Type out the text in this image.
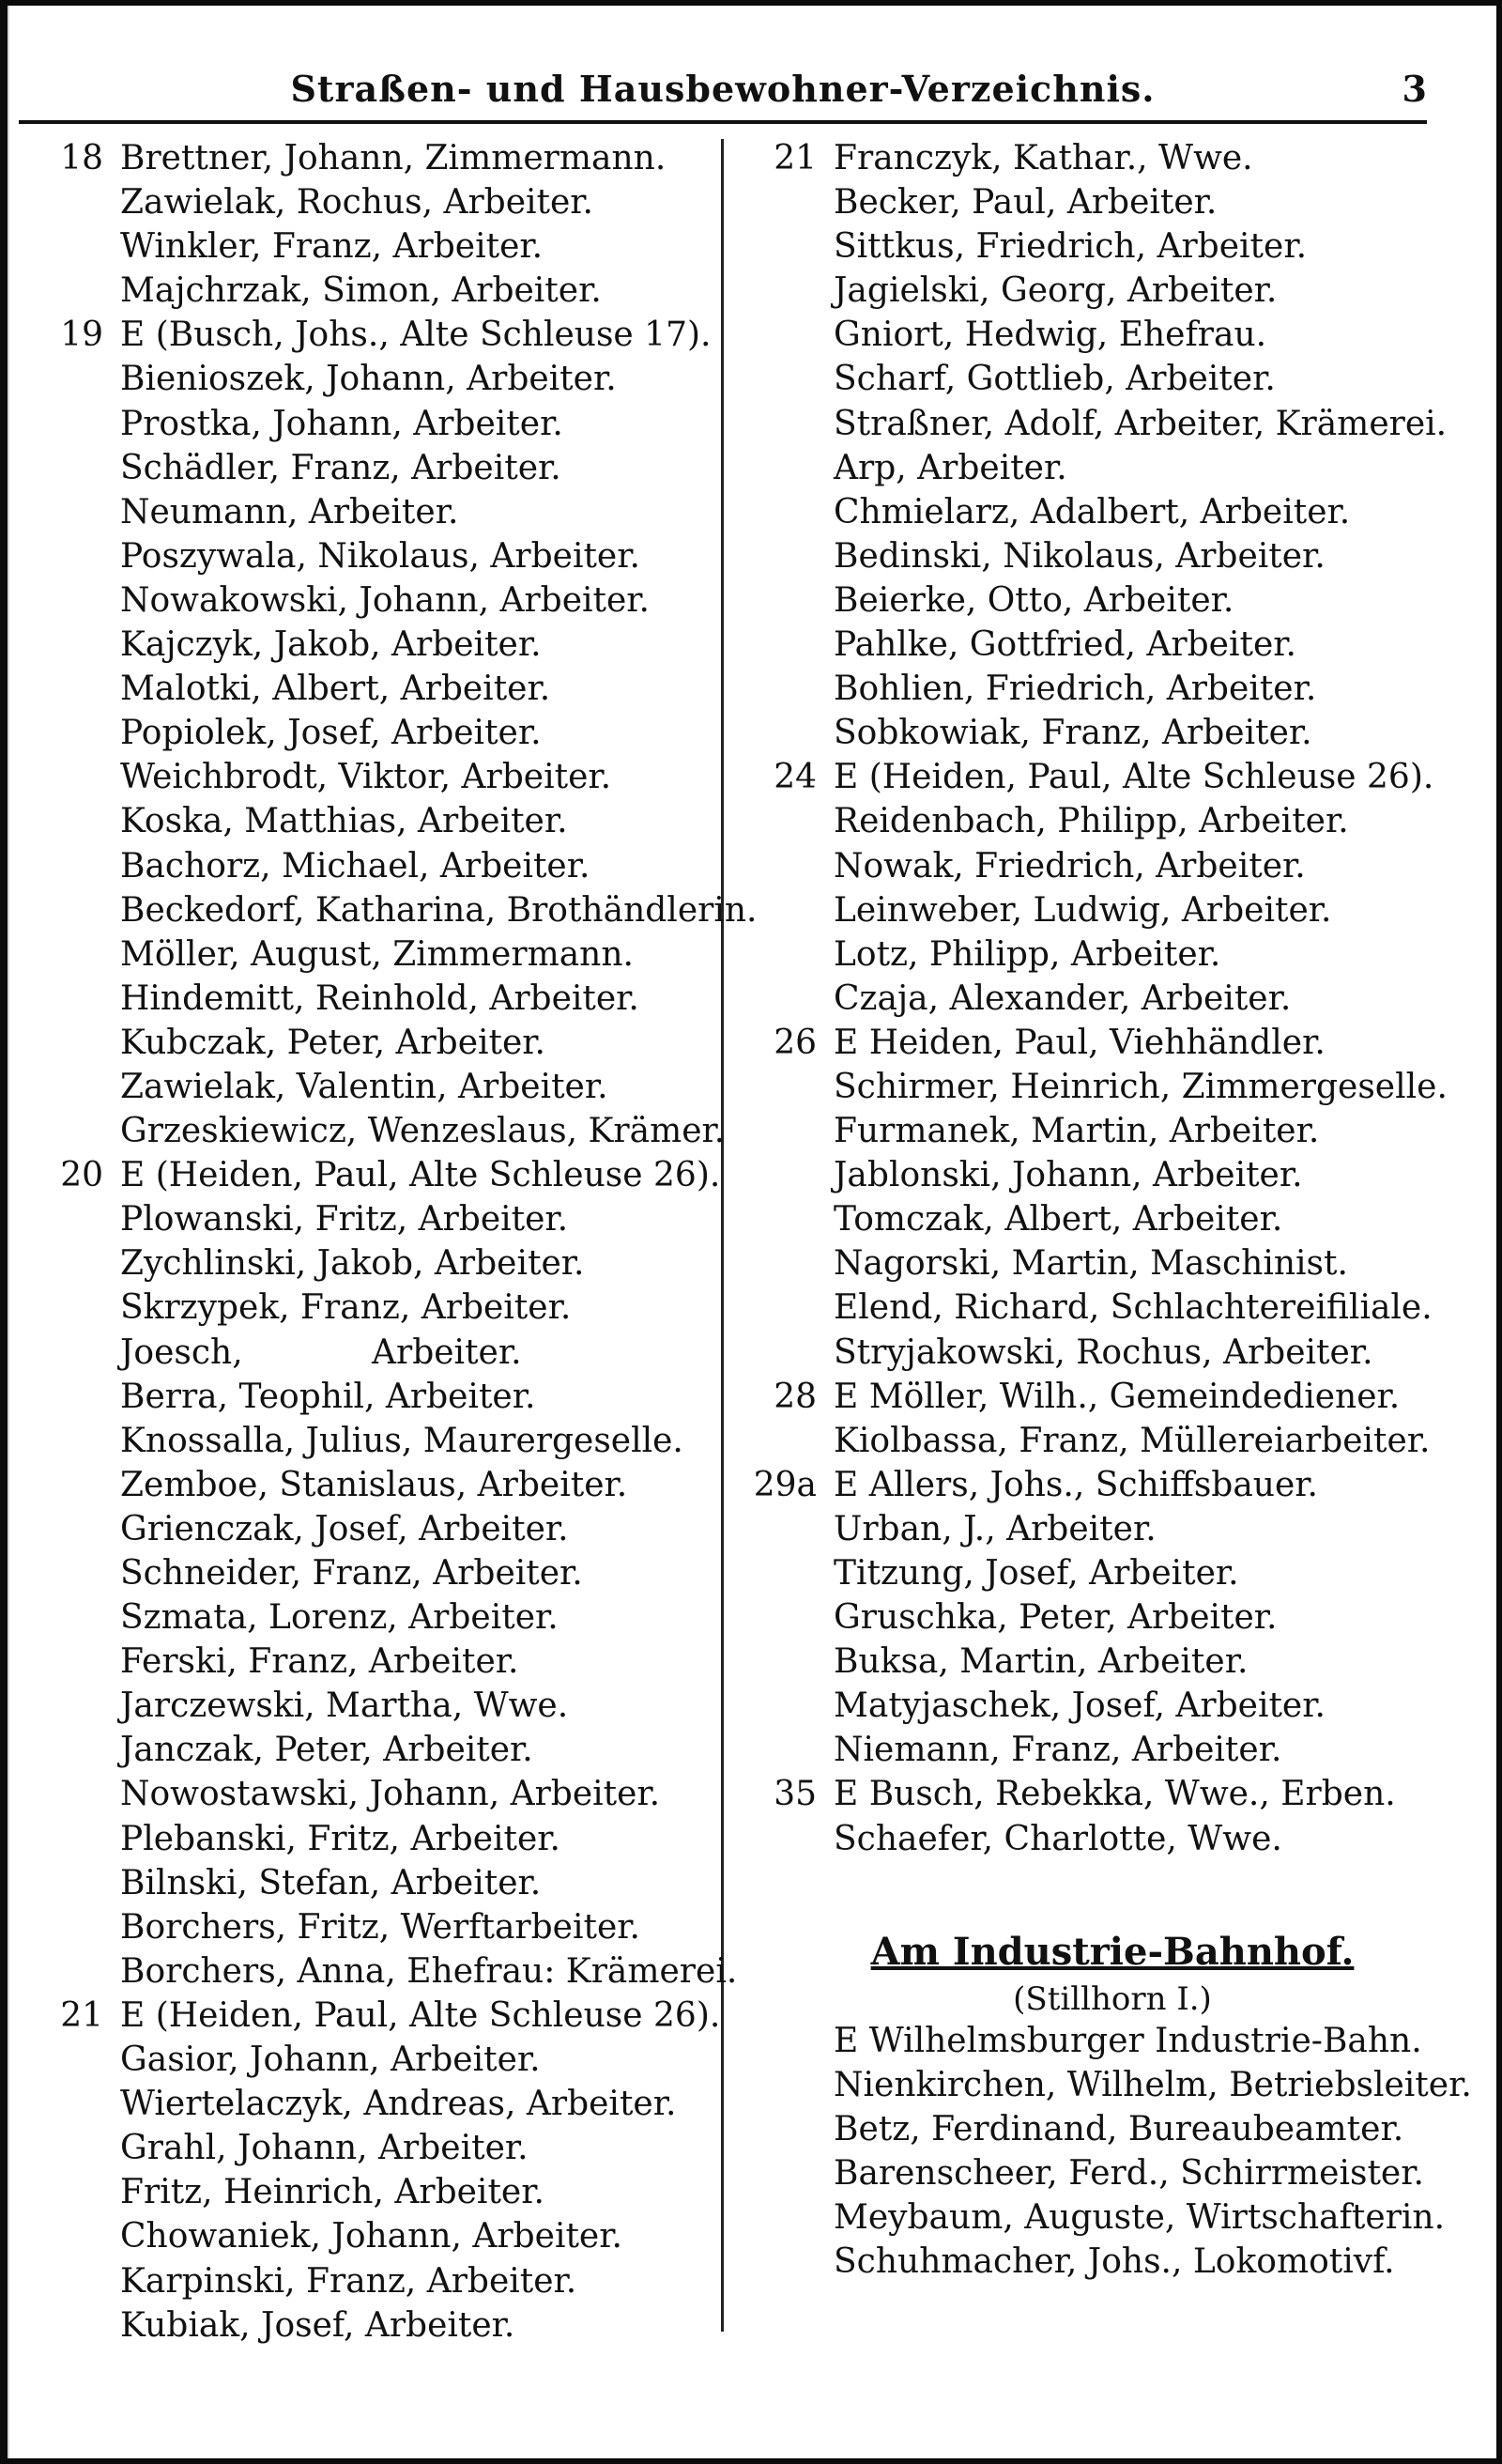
Straßen- und Hausbewohner-Verzeichnis.	3
18 Brettner, Johann, Zimmermann.
Zawielak, Rochus, Arbeiter.
Winkler, Franz, Arbeiter.
Majchrzak, Simon, Arbeiter.
19 E (Busch, Johs., Alte Schleuse 17).
Bienioszek, Johann, Arbeiter.
Prostka, Johann, Arbeiter.
Schädler, Franz, Arbeiter.
Neumann, Arbeiter.
Poszywala, Nikolaus, Arbeiter.
Nowakowski, Johann, Arbeiter.
Kajczyk, Jakob, Arbeiter.
Malotki, Albert, Arbeiter.
Popiolek, Josef, Arbeiter.
Weichbrodt, Viktor, Arbeiter.
Koska, Matthias, Arbeiter.
Bachorz, Michael, Arbeiter.
Beckedorf, Katharina, Brothändlerin.
Möller, August, Zimmermann.
Hindemitt, Reinhold, Arbeiter.
Kubczak, Peter, Arbeiter.
Zawielak, Valentin, Arbeiter.
Grzeskiewicz, Wenzeslaus, Krämer.
20 E (Heiden, Paul, Alte Schleuse 26).
Plowanski, Fritz, Arbeiter.
Zychlinski, Jakob, Arbeiter.
Skrzypek, Franz, Arbeiter.
Joesch,            Arbeiter.
Berra, Teophil, Arbeiter.
Knossalla, Julius, Maurergeselle.
Zemboe, Stanislaus, Arbeiter.
Grienczak, Josef, Arbeiter.
Schneider, Franz, Arbeiter.
Szmata, Lorenz, Arbeiter.
Ferski, Franz, Arbeiter.
Jarczewski, Martha, Wwe.
Janczak, Peter, Arbeiter.
Nowostawski, Johann, Arbeiter.
Plebanski, Fritz, Arbeiter.
Bilnski, Stefan, Arbeiter.
Borchers, Fritz, Werftarbeiter.
Borchers, Anna, Ehefrau: Krämerei.
21 E (Heiden, Paul, Alte Schleuse 26).
Gasior, Johann, Arbeiter.
Wiertelaczyk, Andreas, Arbeiter.
Grahl, Johann, Arbeiter.
Fritz, Heinrich, Arbeiter.
Chowaniek, Johann, Arbeiter.
Karpinski, Franz, Arbeiter.
Kubiak, Josef, Arbeiter.
21 Franczyk, Kathar., Wwe.
Becker, Paul, Arbeiter.
Sittkus, Friedrich, Arbeiter.
Jagielski, Georg, Arbeiter.
Gniort, Hedwig, Ehefrau.
Scharf, Gottlieb, Arbeiter.
Straßner, Adolf, Arbeiter, Krämerei.
Arp, Arbeiter.
Chmielarz, Adalbert, Arbeiter.
Bedinski, Nikolaus, Arbeiter.
Beierke, Otto, Arbeiter.
Pahlke, Gottfried, Arbeiter.
Bohlien, Friedrich, Arbeiter.
Sobkowiak, Franz, Arbeiter.
24 E (Heiden, Paul, Alte Schleuse 26).
Reidenbach, Philipp, Arbeiter.
Nowak, Friedrich, Arbeiter.
Leinweber, Ludwig, Arbeiter.
Lotz, Philipp, Arbeiter.
Czaja, Alexander, Arbeiter.
26 E Heiden, Paul, Viehhändler.
Schirmer, Heinrich, Zimmergeselle.
Furmanek, Martin, Arbeiter.
Jablonski, Johann, Arbeiter.
Tomczak, Albert, Arbeiter.
Nagorski, Martin, Maschinist.
Elend, Richard, Schlachtereifiliale.
Stryjakowski, Rochus, Arbeiter.
28 E Möller, Wilh., Gemeindediener.
Kiolbassa, Franz, Müllereiarbeiter.
29a E Allers, Johs., Schiffsbauer.
Urban, J., Arbeiter.
Titzung, Josef, Arbeiter.
Gruschka, Peter, Arbeiter.
Buksa, Martin, Arbeiter.
Matyjaschek, Josef, Arbeiter.
Niemann, Franz, Arbeiter.
35 E Busch, Rebekka, Wwe., Erben.
Schaefer, Charlotte, Wwe.
Am Industrie-Bahnhof.
(Stillhorn I.)
E Wilhelmsburger Industrie-Bahn.
Nienkirchen, Wilhelm, Betriebsleiter.
Betz, Ferdinand, Bureaubeamter.
Barenscheer, Ferd., Schirrmeister.
Meybaum, Auguste, Wirtschafterin.
Schuhmacher, Johs., Lokomotivf.
